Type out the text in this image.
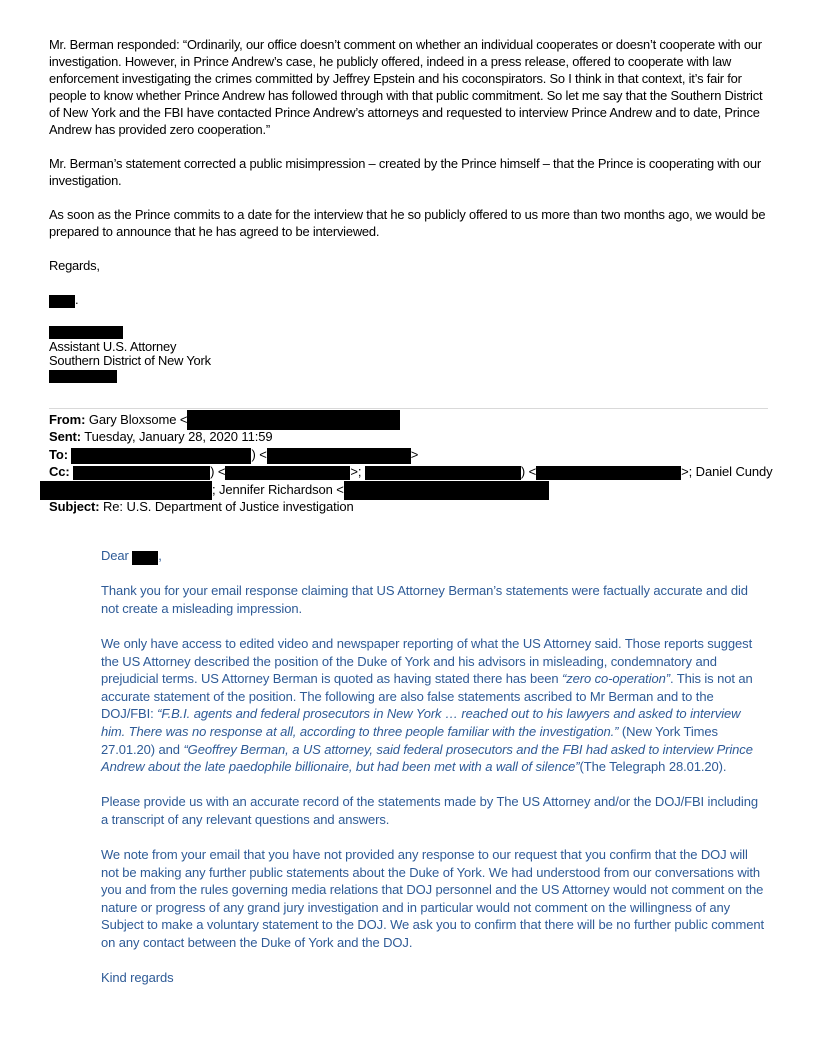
Mr. Berman responded: “Ordinarily, our office doesn’t comment on whether an individual cooperates or doesn’t cooperate with our investigation. However, in Prince Andrew’s case, he publicly offered, indeed in a press release, offered to cooperate with law enforcement investigating the crimes committed by Jeffrey Epstein and his coconspirators. So I think in that context, it’s fair for people to know whether Prince Andrew has followed through with that public commitment. So let me say that the Southern District of New York and the FBI have contacted Prince Andrew’s attorneys and requested to interview Prince Andrew and to date, Prince Andrew has provided zero cooperation.”

Mr. Berman’s statement corrected a public misimpression – created by the Prince himself – that the Prince is cooperating with our investigation.

As soon as the Prince commits to a date for the interview that he so publicly offered to us more than two months ago, we would be prepared to announce that he has agreed to be interviewed.

Regards,

.

Assistant U.S. Attorney
Southern District of New York
From: Gary Bloxsome <
Sent: Tuesday, January 28, 2020 11:59
To:	) <	>
Cc:	) <	>;	) <	>; Daniel Cundy
; Jennifer Richardson <
Subject: Re: U.S. Department of Justice investigation

Dear ,

Thank you for your email response claiming that US Attorney Berman’s statements were factually accurate and did not create a misleading impression.

We only have access to edited video and newspaper reporting of what the US Attorney said. Those reports suggest the US Attorney described the position of the Duke of York and his advisors in misleading, condemnatory and prejudicial terms. US Attorney Berman is quoted as having stated there has been “zero co-operation”. This is not an accurate statement of the position. The following are also false statements ascribed to Mr Berman and to the DOJ/FBI: “F.B.I. agents and federal prosecutors in New York … reached out to his lawyers and asked to interview him. There was no response at all, according to three people familiar with the investigation.” (New York Times 27.01.20) and “Geoffrey Berman, a US attorney, said federal prosecutors and the FBI had asked to interview Prince Andrew about the late paedophile billionaire, but had been met with a wall of silence”(The Telegraph 28.01.20).

Please provide us with an accurate record of the statements made by The US Attorney and/or the DOJ/FBI including a transcript of any relevant questions and answers.

We note from your email that you have not provided any response to our request that you confirm that the DOJ will not be making any further public statements about the Duke of York. We had understood from our conversations with you and from the rules governing media relations that DOJ personnel and the US Attorney would not comment on the nature or progress of any grand jury investigation and in particular would not comment on the willingness of any Subject to make a voluntary statement to the DOJ. We ask you to confirm that there will be no further public comment on any contact between the Duke of York and the DOJ.

Kind regards
